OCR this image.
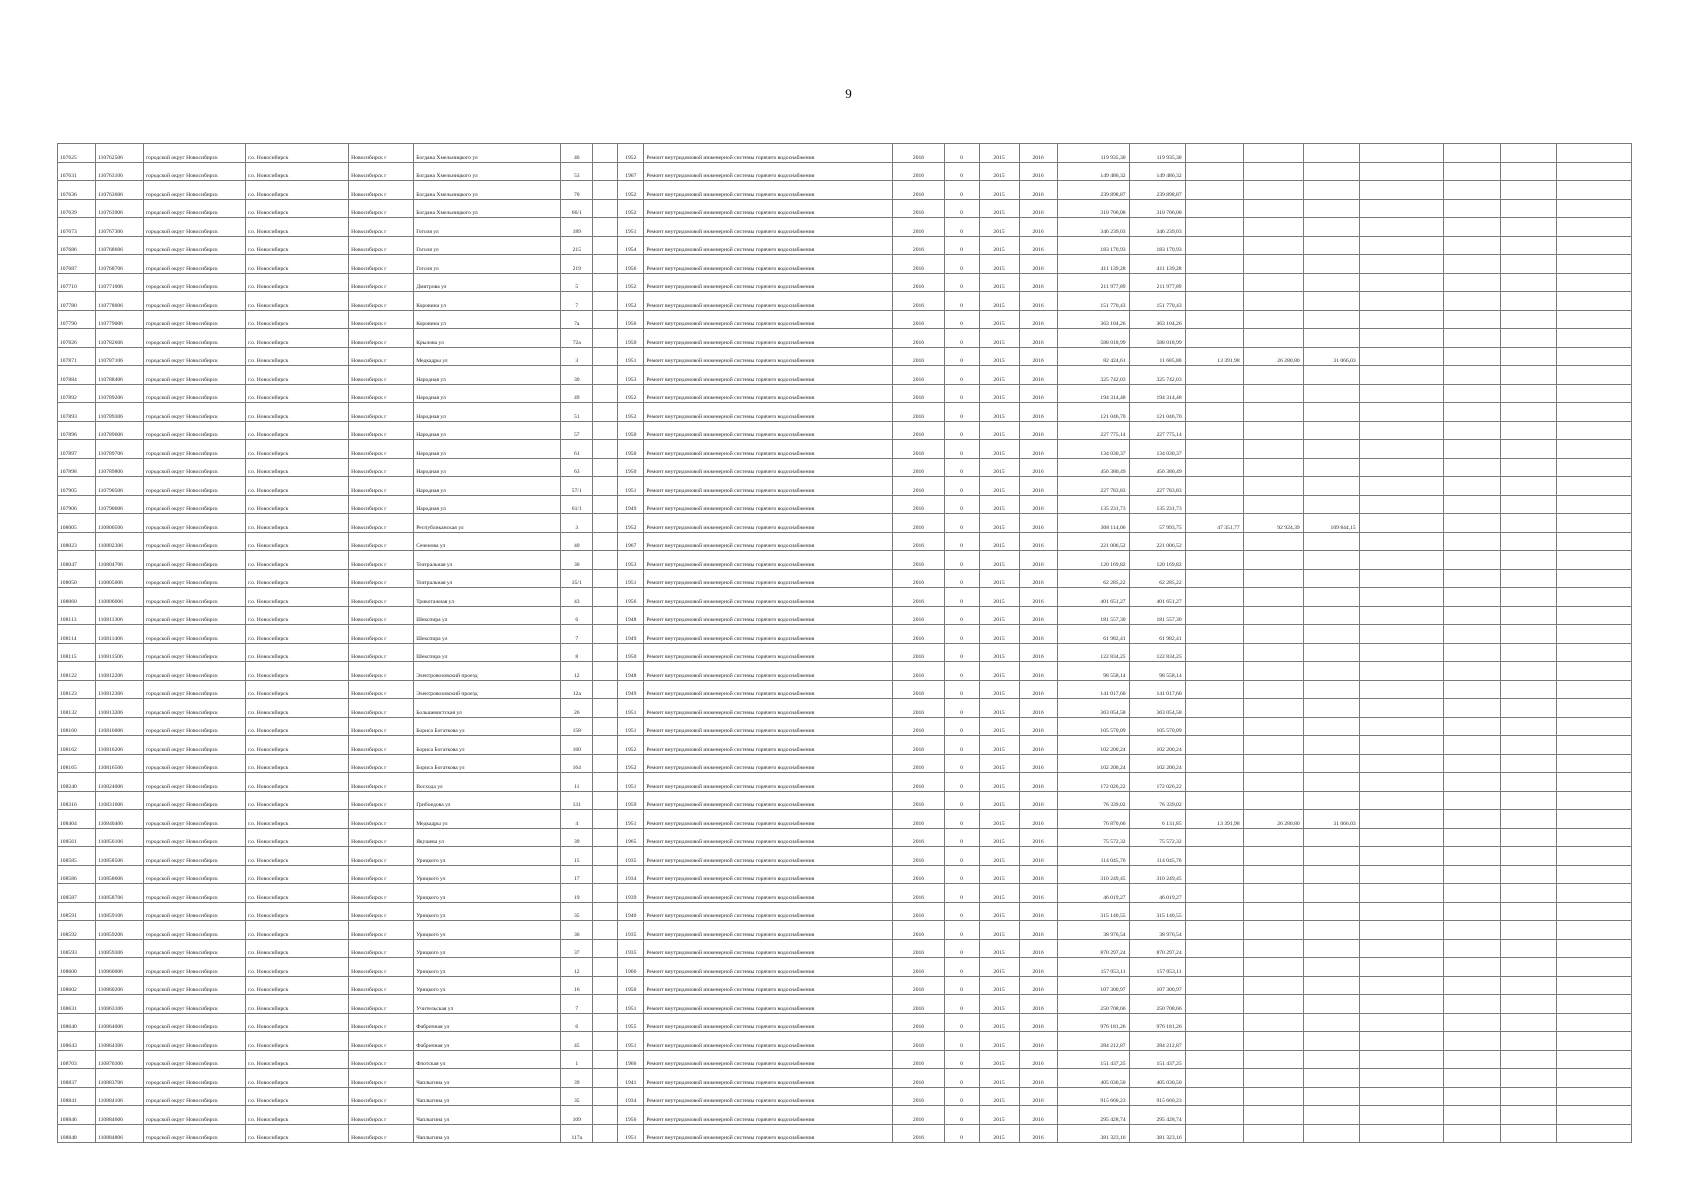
9
107625	110762506	городской округ Новосибирск	г.о. Новосибирск	Новосибирск г	Богдана Хмельницкого ул	46		1952	Ремонт внутридомовой инженерной системы горячего водоснабжения	2016	0	2015	2016	119 935,30	119 935,30							
107631	110763106	городской округ Новосибирск	г.о. Новосибирск	Новосибирск г	Богдана Хмельницкого ул	53		1967	Ремонт внутридомовой инженерной системы горячего водоснабжения	2016	0	2015	2016	149 486,32	149 486,32							
107636	110763606	городской округ Новосибирск	г.о. Новосибирск	Новосибирск г	Богдана Хмельницкого ул	70		1952	Ремонт внутридомовой инженерной системы горячего водоснабжения	2016	0	2015	2016	239 898,87	239 898,87							
107639	110763906	городской округ Новосибирск	г.о. Новосибирск	Новосибирск г	Богдана Хмельницкого ул	66/1		1952	Ремонт внутридомовой инженерной системы горячего водоснабжения	2016	0	2015	2016	310 706,08	310 706,08							
107673	110767306	городской округ Новосибирск	г.о. Новосибирск	Новосибирск г	Гоголя ул	189		1951	Ремонт внутридомовой инженерной системы горячего водоснабжения	2016	0	2015	2016	346 239,03	346 239,03							
107686	110768606	городской округ Новосибирск	г.о. Новосибирск	Новосибирск г	Гоголя ул	215		1954	Ремонт внутридомовой инженерной системы горячего водоснабжения	2016	0	2015	2016	183 170,93	183 170,93							
107687	110768706	городской округ Новосибирск	г.о. Новосибирск	Новосибирск г	Гоголя ул	219		1956	Ремонт внутридомовой инженерной системы горячего водоснабжения	2016	0	2015	2016	411 139,28	411 139,28							
107710	110771006	городской округ Новосибирск	г.о. Новосибирск	Новосибирск г	Дмитрова ул	5		1952	Ремонт внутридомовой инженерной системы горячего водоснабжения	2016	0	2015	2016	211 977,89	211 977,89							
107780	110778006	городской округ Новосибирск	г.о. Новосибирск	Новосибирск г	Коровина ул	7		1952	Ремонт внутридомовой инженерной системы горячего водоснабжения	2016	0	2015	2016	151 770,43	151 770,43							
107790	110779006	городской округ Новосибирск	г.о. Новосибирск	Новосибирск г	Коровина ул	7а		1956	Ремонт внутридомовой инженерной системы горячего водоснабжения	2016	0	2015	2016	363 104,26	363 104,26							
107826	110782606	городской округ Новосибирск	г.о. Новосибирск	Новосибирск г	Крылова ул	72а		1950	Ремонт внутридомовой инженерной системы горячего водоснабжения	2016	0	2015	2016	588 018,99	588 018,99							
107871	110787106	городской округ Новосибирск	г.о. Новосибирск	Новосибирск г	Медкадры ул	3		1951	Ремонт внутридомовой инженерной системы горячего водоснабжения	2016	0	2015	2016	82 424,61	11 685,80	13 391,98	26 280,80	31 066,03				
107884	110788406	городской округ Новосибирск	г.о. Новосибирск	Новосибирск г	Народная ул	30		1953	Ремонт внутридомовой инженерной системы горячего водоснабжения	2016	0	2015	2016	325 742,03	325 742,03							
107892	110789206	городской округ Новосибирск	г.о. Новосибирск	Новосибирск г	Народная ул	49		1952	Ремонт внутридомовой инженерной системы горячего водоснабжения	2016	0	2015	2016	194 314,48	194 314,48							
107893	110789306	городской округ Новосибирск	г.о. Новосибирск	Новосибирск г	Народная ул	51		1952	Ремонт внутридомовой инженерной системы горячего водоснабжения	2016	0	2015	2016	121 046,70	121 046,70							
107896	110789606	городской округ Новосибирск	г.о. Новосибирск	Новосибирск г	Народная ул	57		1950	Ремонт внутридомовой инженерной системы горячего водоснабжения	2016	0	2015	2016	227 775,14	227 775,14							
107897	110789706	городской округ Новосибирск	г.о. Новосибирск	Новосибирск г	Народная ул	61		1950	Ремонт внутридомовой инженерной системы горячего водоснабжения	2016	0	2015	2016	134 030,37	134 030,37							
107898	110789806	городской округ Новосибирск	г.о. Новосибирск	Новосибирск г	Народная ул	63		1950	Ремонт внутридомовой инженерной системы горячего водоснабжения	2016	0	2015	2016	456 380,49	456 380,49							
107905	110790506	городской округ Новосибирск	г.о. Новосибирск	Новосибирск г	Народная ул	57/1		1951	Ремонт внутридомовой инженерной системы горячего водоснабжения	2016	0	2015	2016	227 783,83	227 783,83							
107906	110790606	городской округ Новосибирск	г.о. Новосибирск	Новосибирск г	Народная ул	61/1		1949	Ремонт внутридомовой инженерной системы горячего водоснабжения	2016	0	2015	2016	135 231,73	135 231,73							
108005	110800506	городской округ Новосибирск	г.о. Новосибирск	Новосибирск г	Республиканская ул	3		1952	Ремонт внутридомовой инженерной системы горячего водоснабжения	2016	0	2015	2016	308 114,06	57 993,75	47 351,77	92 924,39	109 844,15				
108023	110802306	городской округ Новосибирск	г.о. Новосибирск	Новосибирск г	Сеченова ул	40		1967	Ремонт внутридомовой инженерной системы горячего водоснабжения	2016	0	2015	2016	221 006,52	221 006,52							
108047	110804706	городской округ Новосибирск	г.о. Новосибирск	Новосибирск г	Театральная ул	36		1953	Ремонт внутридомовой инженерной системы горячего водоснабжения	2016	0	2015	2016	120 169,82	120 169,82							
108050	110805006	городской округ Новосибирск	г.о. Новосибирск	Новосибирск г	Театральная ул	35/1		1951	Ремонт внутридомовой инженерной системы горячего водоснабжения	2016	0	2015	2016	62 285,22	62 285,22							
108060	110806006	городской округ Новосибирск	г.о. Новосибирск	Новосибирск г	Трикотажная ул	43		1956	Ремонт внутридомовой инженерной системы горячего водоснабжения	2016	0	2015	2016	401 651,27	401 651,27							
108113	110811306	городской округ Новосибирск	г.о. Новосибирск	Новосибирск г	Шекспира ул	6		1948	Ремонт внутридомовой инженерной системы горячего водоснабжения	2016	0	2015	2016	181 557,30	181 557,30							
108114	110811406	городской округ Новосибирск	г.о. Новосибирск	Новосибирск г	Шекспира ул	7		1949	Ремонт внутридомовой инженерной системы горячего водоснабжения	2016	0	2015	2016	61 982,41	61 982,41							
108115	110811506	городской округ Новосибирск	г.о. Новосибирск	Новосибирск г	Шекспира ул	8		1950	Ремонт внутридомовой инженерной системы горячего водоснабжения	2016	0	2015	2016	122 834,25	122 834,25							
108122	110812206	городской округ Новосибирск	г.о. Новосибирск	Новосибирск г	Электровозовский проезд	12		1948	Ремонт внутридомовой инженерной системы горячего водоснабжения	2016	0	2015	2016	98 558,14	98 558,14							
108123	110812306	городской округ Новосибирск	г.о. Новосибирск	Новосибирск г	Электровозовский проезд	12а		1949	Ремонт внутридомовой инженерной системы горячего водоснабжения	2016	0	2015	2016	141 017,60	141 017,60							
108132	110813206	городской округ Новосибирск	г.о. Новосибирск	Новосибирск г	Большевистская ул	26		1951	Ремонт внутридомовой инженерной системы горячего водоснабжения	2016	0	2015	2016	363 054,58	363 054,58							
108160	110816006	городской округ Новосибирск	г.о. Новосибирск	Новосибирск г	Бориса Богаткова ул	158		1951	Ремонт внутридомовой инженерной системы горячего водоснабжения	2016	0	2015	2016	105 570,09	105 570,09							
108162	110816206	городской округ Новосибирск	г.о. Новосибирск	Новосибирск г	Бориса Богаткова ул	160		1952	Ремонт внутридомовой инженерной системы горячего водоснабжения	2016	0	2015	2016	102 200,24	102 200,24							
108165	110816506	городской округ Новосибирск	г.о. Новосибирск	Новосибирск г	Бориса Богаткова ул	164		1952	Ремонт внутридомовой инженерной системы горячего водоснабжения	2016	0	2015	2016	102 200,24	102 200,24							
108240	110824006	городской округ Новосибирск	г.о. Новосибирск	Новосибирск г	Восхода ул	11		1951	Ремонт внутридомовой инженерной системы горячего водоснабжения	2016	0	2015	2016	172 026,22	172 026,22							
108316	110831606	городской округ Новосибирск	г.о. Новосибирск	Новосибирск г	Грибоедова ул	131		1959	Ремонт внутридомовой инженерной системы горячего водоснабжения	2016	0	2015	2016	76 339,02	76 339,02							
108404	110840406	городской округ Новосибирск	г.о. Новосибирск	Новосибирск г	Медкадры ул	4		1951	Ремонт внутридомовой инженерной системы горячего водоснабжения	2016	0	2015	2016	76 870,66	6 131,85	13 391,98	26 280,80	31 066,03				
108561	110856106	городской округ Новосибирск	г.о. Новосибирск	Новосибирск г	Якушева ул	39		1965	Ремонт внутридомовой инженерной системы горячего водоснабжения	2016	0	2015	2016	75 572,32	75 572,32							
108585	110858506	городской округ Новосибирск	г.о. Новосибирск	Новосибирск г	Урицкого ул	15		1935	Ремонт внутридомовой инженерной системы горячего водоснабжения	2016	0	2015	2016	114 045,76	114 045,76							
108586	110858606	городской округ Новосибирск	г.о. Новосибирск	Новосибирск г	Урицкого ул	17		1934	Ремонт внутридомовой инженерной системы горячего водоснабжения	2016	0	2015	2016	310 249,45	310 249,45							
108587	110858706	городской округ Новосибирск	г.о. Новосибирск	Новосибирск г	Урицкого ул	19		1939	Ремонт внутридомовой инженерной системы горячего водоснабжения	2016	0	2015	2016	46 019,27	46 019,27							
108591	110859106	городской округ Новосибирск	г.о. Новосибирск	Новосибирск г	Урицкого ул	35		1940	Ремонт внутридомовой инженерной системы горячего водоснабжения	2016	0	2015	2016	315 140,55	315 140,55							
108592	110859206	городской округ Новосибирск	г.о. Новосибирск	Новосибирск г	Урицкого ул	36		1935	Ремонт внутридомовой инженерной системы горячего водоснабжения	2016	0	2015	2016	38 976,54	38 976,54							
108593	110859306	городской округ Новосибирск	г.о. Новосибирск	Новосибирск г	Урицкого ул	37		1935	Ремонт внутридомовой инженерной системы горячего водоснабжения	2016	0	2015	2016	870 297,24	870 297,24							
108600	110860006	городской округ Новосибирск	г.о. Новосибирск	Новосибирск г	Урицкого ул	12		1966	Ремонт внутридомовой инженерной системы горячего водоснабжения	2016	0	2015	2016	157 053,11	157 053,11							
108602	110860206	городской округ Новосибирск	г.о. Новосибирск	Новосибирск г	Урицкого ул	16		1950	Ремонт внутридомовой инженерной системы горячего водоснабжения	2016	0	2015	2016	107 300,97	107 300,97							
108631	110863106	городской округ Новосибирск	г.о. Новосибирск	Новосибирск г	Учительская ул	7		1951	Ремонт внутридомовой инженерной системы горячего водоснабжения	2016	0	2015	2016	250 708,66	250 708,66							
108640	110864006	городской округ Новосибирск	г.о. Новосибирск	Новосибирск г	Фабричная ул	6		1955	Ремонт внутридомовой инженерной системы горячего водоснабжения	2016	0	2015	2016	976 181,26	976 181,26							
108643	110864306	городской округ Новосибирск	г.о. Новосибирск	Новосибирск г	Фабричная ул	45		1951	Ремонт внутридомовой инженерной системы горячего водоснабжения	2016	0	2015	2016	284 212,87	284 212,87							
108703	110870306	городской округ Новосибирск	г.о. Новосибирск	Новосибирск г	Флотская ул	1		1966	Ремонт внутридомовой инженерной системы горячего водоснабжения	2016	0	2015	2016	151 437,25	151 437,25							
108837	110883706	городской округ Новосибирск	г.о. Новосибирск	Новосибирск г	Чаплыгина ул	39		1941	Ремонт внутридомовой инженерной системы горячего водоснабжения	2016	0	2015	2016	405 030,50	405 030,50							
108841	110884106	городской округ Новосибирск	г.о. Новосибирск	Новосибирск г	Чаплыгина ул	35		1934	Ремонт внутридомовой инженерной системы горячего водоснабжения	2016	0	2015	2016	915 660,23	915 660,23							
108846	110884606	городской округ Новосибирск	г.о. Новосибирск	Новосибирск г	Чаплыгина ул	109		1956	Ремонт внутридомовой инженерной системы горячего водоснабжения	2016	0	2015	2016	295 428,74	295 428,74							
108848	110884806	городской округ Новосибирск	г.о. Новосибирск	Новосибирск г	Чаплыгина ул	117а		1951	Ремонт внутридомовой инженерной системы горячего водоснабжения	2016	0	2015	2016	381 323,16	381 323,16							
